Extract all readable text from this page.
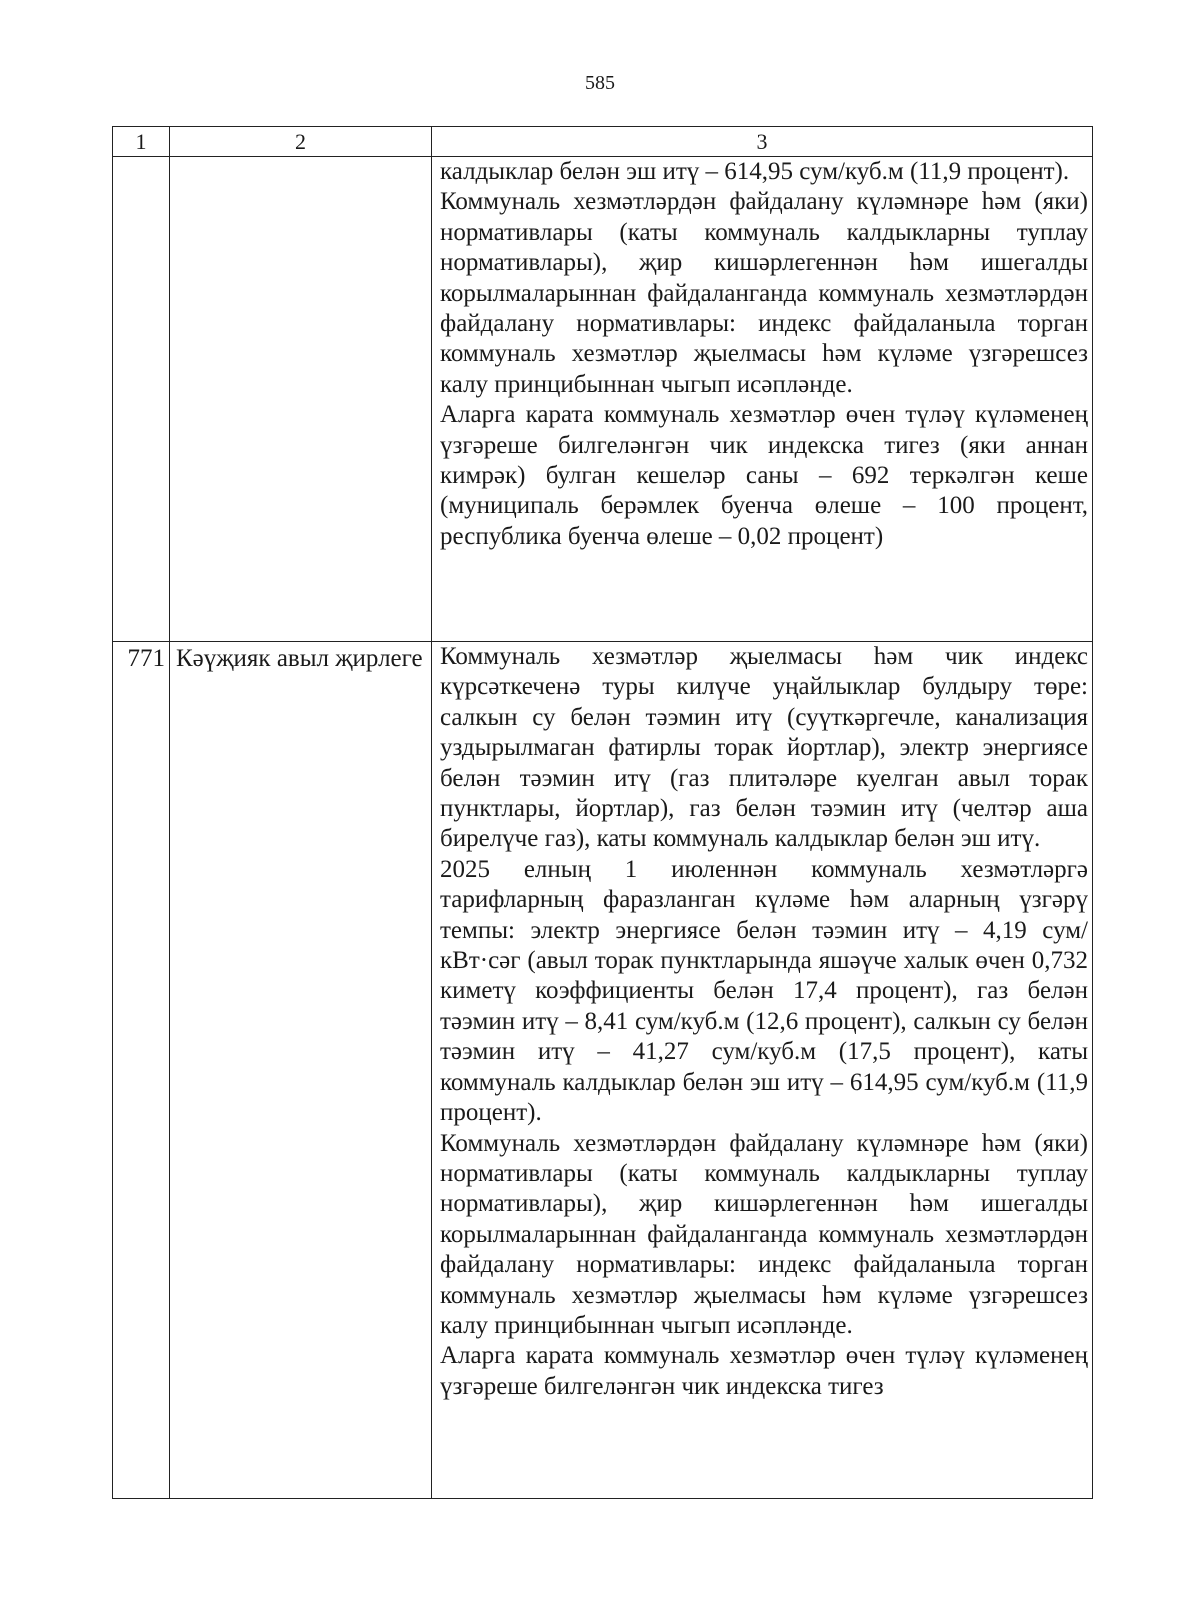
585
1	2	3

		калдыклар белән эш итү – 614,95 сум/куб.м (11,9 процент).

Коммуналь хезмәтләрдән файдалану күләмнәре һәм (яки) нормативлары (каты коммуналь калдыкларны туплау нормативлары), җир кишәрлегеннән һәм ишегалды корылмаларыннан файдаланганда коммуналь хезмәтләрдән файдалану нормативлары: индекс файдаланыла торган коммуналь хезмәтләр җыелмасы һәм күләме үзгәрешсез калу принцибыннан чыгып исәпләнде.

Аларга карата коммуналь хезмәтләр өчен түләү күләменең үзгәреше билгеләнгән чик индекска тигез (яки аннан кимрәк) булган кешеләр саны – 692 теркәлгән кеше (муниципаль берәмлек буенча өлеше – 100 процент, республика буенча өлеше – 0,02 процент)

771	Кәүҗияк авыл җирлеге	Коммуналь хезмәтләр җыелмасы һәм чик индекс күрсәткеченә туры килүче уңайлыклар булдыру төре: салкын су белән тәэмин итү (суүткәргечле, канализация уздырылмаган фатирлы торак йортлар), электр энергиясе белән тәэмин итү (газ плитәләре куелган авыл торак пунктлары, йортлар), газ белән тәэмин итү (челтәр аша бирелүче газ), каты коммуналь калдыклар белән эш итү.

2025 елның 1 июленнән коммуналь хезмәтләргә тарифларның фаразланган күләме һәм аларның үзгәрү темпы: электр энергиясе белән тәэмин итү – 4,19 сум/кВт·сәг (авыл торак пунктларында яшәүче халык өчен 0,732 киметү коэффициенты белән 17,4 процент), газ белән тәэмин итү – 8,41 сум/куб.м (12,6 процент), салкын су белән тәэмин итү – 41,27 сум/куб.м (17,5 процент), каты коммуналь калдыклар белән эш итү – 614,95 сум/куб.м (11,9 процент).

Коммуналь хезмәтләрдән файдалану күләмнәре һәм (яки) нормативлары (каты коммуналь калдыкларны туплау нормативлары), җир кишәрлегеннән һәм ишегалды корылмаларыннан файдаланганда коммуналь хезмәтләрдән файдалану нормативлары: индекс файдаланыла торган коммуналь хезмәтләр җыелмасы һәм күләме үзгәрешсез калу принцибыннан чыгып исәпләнде.

Аларга карата коммуналь хезмәтләр өчен түләү күләменең үзгәреше билгеләнгән чик индекска тигез
